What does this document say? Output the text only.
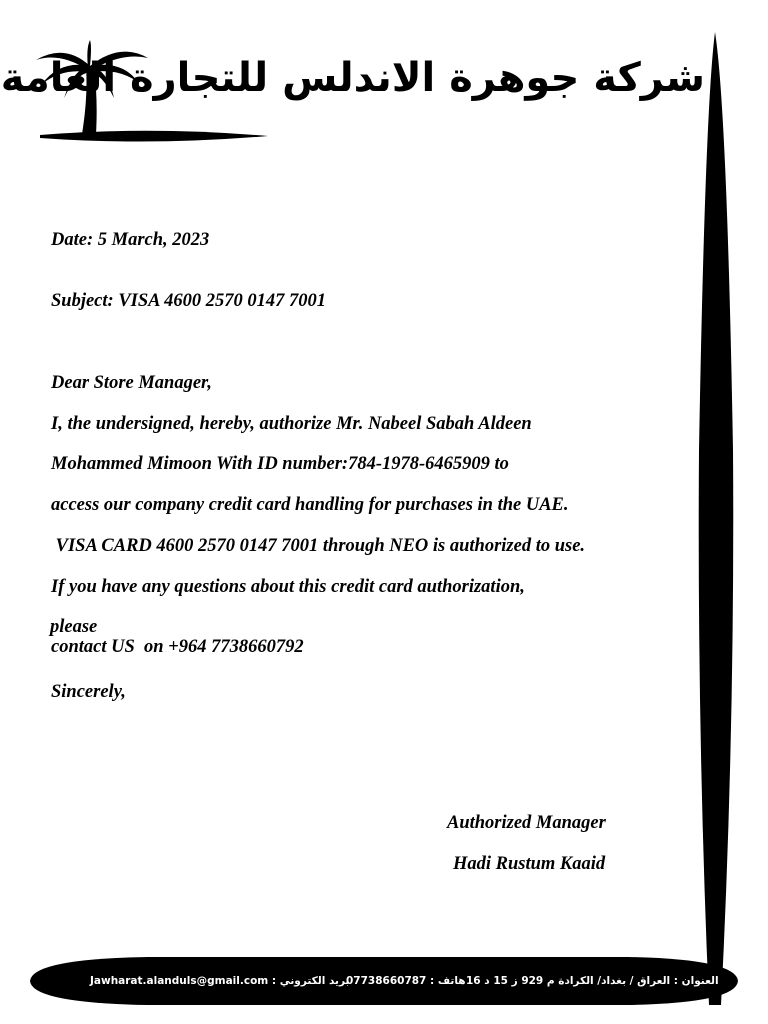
شركة جوهرة الاندلس للتجارة العامة
Date: 5 March, 2023
Subject: VISA 4600 2570 0147 7001
Dear Store Manager,
I, the undersigned, hereby, authorize Mr. Nabeel Sabah Aldeen
Mohammed Mimoon With ID number:784-1978-6465909 to
access our company credit card handling for purchases in the UAE.
VISA CARD 4600 2570 0147 7001 through NEO is authorized to use.
If you have any questions about this credit card authorization,
please
contact US  on +964 7738660792
Sincerely,
Authorized Manager
Hadi Rustum Kaaid
بريد الكتروني : Jawharat.alanduls@gmail.com
هاتف : 07738660787 العنوان : العراق / بغداد/ الكرادة م 929 ز 15 د 16
